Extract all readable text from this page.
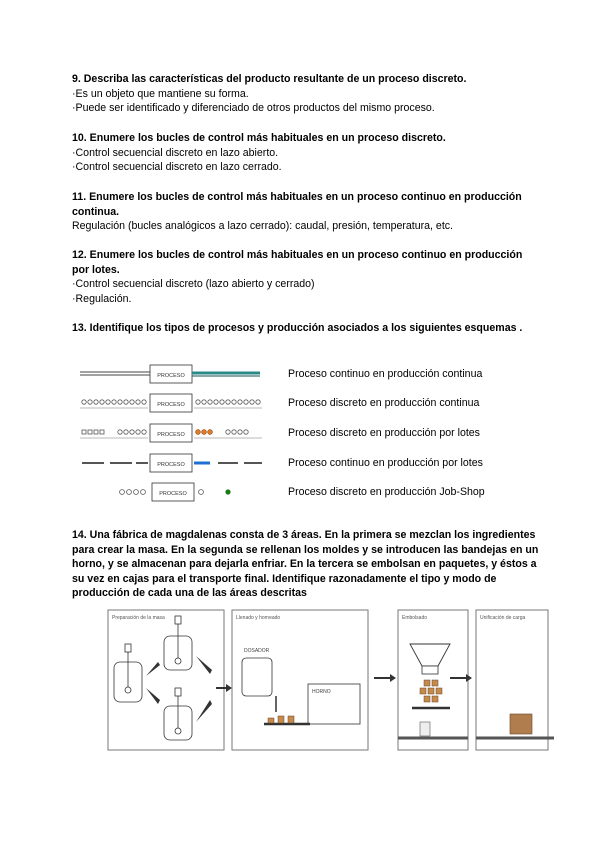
9. Describa las características del producto resultante de un proceso discreto.
·Es un objeto que mantiene su forma.
·Puede ser identificado y diferenciado de otros productos del mismo proceso.
10. Enumere los bucles de control más habituales en un proceso discreto.
·Control secuencial discreto en lazo abierto.
·Control secuencial discreto en lazo cerrado.
11. Enumere los bucles de control más habituales en un proceso continuo en producción continua.
Regulación (bucles analógicos a lazo cerrado): caudal, presión, temperatura, etc.
12. Enumere los bucles de control más habituales en un proceso continuo en producción por lotes.
·Control secuencial discreto (lazo abierto y cerrado)
·Regulación.
13. Identifique los tipos de procesos y producción asociados a los siguientes esquemas .
PROCESO	Proceso continuo en producción continua
PROCESO	Proceso discreto en producción continua
PROCESO	Proceso discreto en producción por lotes
PROCESO	Proceso continuo en producción por lotes
PROCESO	Proceso discreto en producción Job-Shop
14. Una fábrica de magdalenas consta de 3 áreas. En la primera se mezclan los ingredientes para crear la masa. En la segunda se rellenan los moldes y se introducen las bandejas en un horno, y se almacenan para dejarla enfriar. En la tercera se embolsan en paquetes, y éstos a su vez en cajas para el transporte final. Identifique razonadamente el tipo y modo de producción de cada una de las áreas descritas
Preparación de la masa	Llenado y horneado
DOSADOR
HORNO
Embolsado	Unificación de carga
